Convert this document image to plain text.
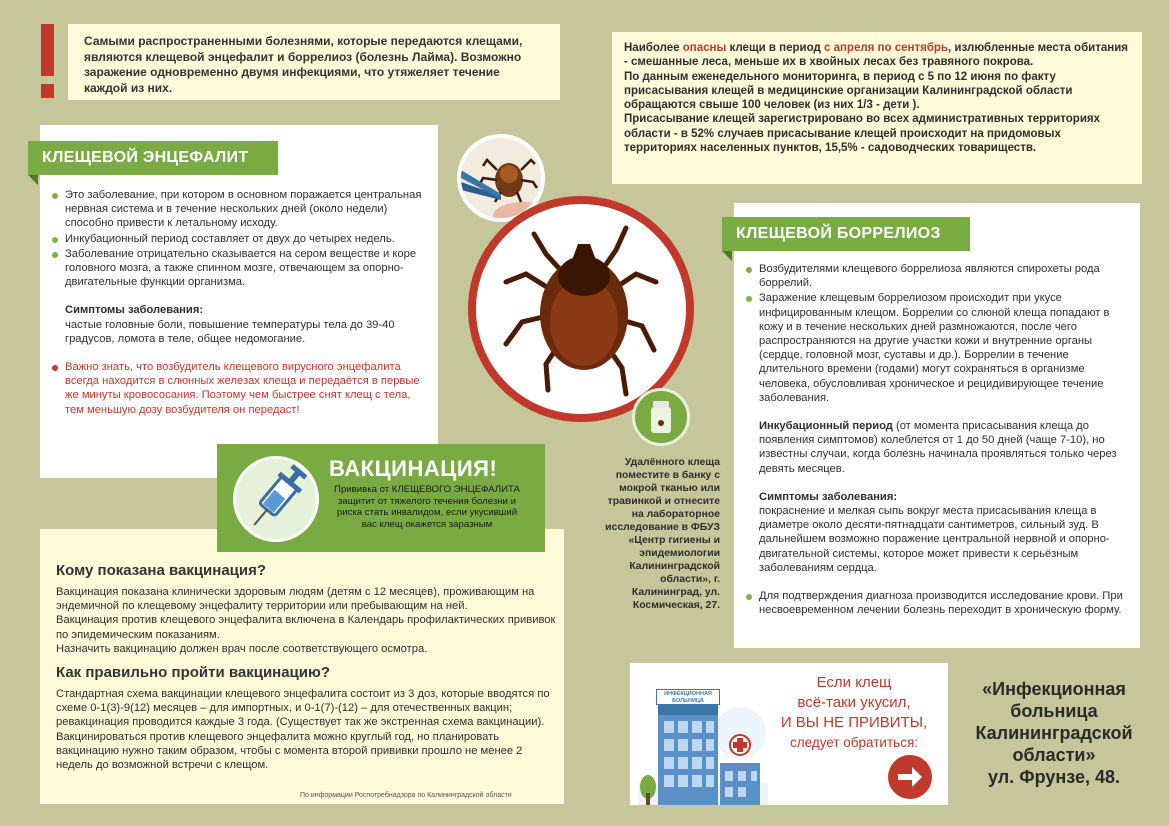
Самыми распространенными болезнями, которые передаются клещами, являются клещевой энцефалит и боррелиоз (болезнь Лайма). Возможно заражение одновременно двумя инфекциями, что утяжеляет течение каждой из них.

Наиболее опасны клещи в период с апреля по сентябрь, излюбленные места обитания - смешанные леса, меньше их в хвойных лесах без травяного покрова.

По данным еженедельного мониторинга, в период с 5 по 12 июня по факту присасывания клещей в медицинские организации Калининградской области обращаются свыше 100 человек (из них 1/3 - дети ).

Присасывание клещей зарегистрировано во всех административных территориях области - в 52% случаев присасывание клещей происходит на придомовых территориях населенных пунктов, 15,5% - садоводческих товариществ.

КЛЕЩЕВОЙ ЭНЦЕФАЛИТ
Это заболевание, при котором в основном поражается центральная нервная система и в течение нескольких дней (около недели) способно привести к летальному исходу.
Инкубационный период составляет от двух до четырех недель.
Заболевание отрицательно сказывается на сером веществе и коре головного мозга, а также спинном мозге, отвечающем за опорно-двигательные функции организма.

Симптомы заболевания:

частые головные боли, повышение температуры тела до 39-40 градусов, ломота в теле, общее недомогание.

Важно знать, что возбудитель клещевого вирусного энцефалита всегда находится в слюнных железах клеща и передаётся в первые же минуты кровососания. Поэтому чем быстрее снят клещ с тела, тем меньшую дозу возбудителя он передаст!
Кому показана вакцинация?

Вакцинация показана клинически здоровым людям (детям с 12 месяцев), проживающим на эндемичной по клещевому энцефалиту территории или пребывающим на ней.

Вакцинация против клещевого энцефалита включена в Календарь профилактических прививок по эпидемическим показаниям.

Назначить вакцинацию должен врач после соответствующего осмотра.

Как правильно пройти вакцинацию?

Стандартная схема вакцинации клещевого энцефалита состоит из 3 доз, которые вводятся по схеме 0-1(3)-9(12) месяцев – для импортных, и 0-1(7)-(12) – для отечественных вакцин; ревакцинация проводится каждые 3 года. (Существует так же экстренная схема вакцинации).

Вакцинироваться против клещевого энцефалита можно круглый год, но планировать вакцинацию нужно таким образом, чтобы с момента второй прививки прошло не менее 2 недель до возможной встречи с клещом.

По информации Роспотребнадзора по Калининградской области

ВАКЦИНАЦИЯ!

Прививка от КЛЕЩЕВОГО ЭНЦЕФАЛИТА защитит от тяжелого течения болезни и риска стать инвалидом, если укусивший вас клещ окажется заразным

Удалённого клеща поместите в банку с мокрой тканью или травинкой и отнесите на лабораторное исследование в ФБУЗ «Центр гигиены и эпидемиологии Калининградской области», г. Калининград, ул. Космическая, 27.

КЛЕЩЕВОЙ БОРРЕЛИОЗ
Возбудителями клещевого боррелиоза являются спирохеты рода боррелий.
Заражение клещевым боррелиозом происходит при укусе инфицированным клещом. Боррелии со слюной клеща попадают в кожу и в течение нескольких дней размножаются, после чего распространяются на другие участки кожи и внутренние органы (сердце, головной мозг, суставы и др.). Боррелии в течение длительного времени (годами) могут сохраняться в организме человека, обусловливая хроническое и рецидивирующее течение заболевания.

Инкубационный период (от момента присасывания клеща до появления симптомов) колеблется от 1 до 50 дней (чаще 7-10), но известны случаи, когда болезнь начинала проявляться только через девять месяцев.

Симптомы заболевания:

покраснение и мелкая сыпь вокруг места присасывания клеща в диаметре около десяти-пятнадцати сантиметров, сильный зуд. В дальнейшем возможно поражение центральной нервной и опорно-двигательной системы, которое может привести к серьёзным заболеваниям сердца.

Для подтверждения диагноза производится исследование крови. При несвоевременном лечении болезнь переходит в хроническую форму.
ИНФЕКЦИОННАЯ
БОЛЬНИЦА
Если клещ
всё-таки укусил,
И ВЫ НЕ ПРИВИТЫ,
следует обратиться:

«Инфекционная больница Калининградской области»

ул. Фрунзе, 48.
